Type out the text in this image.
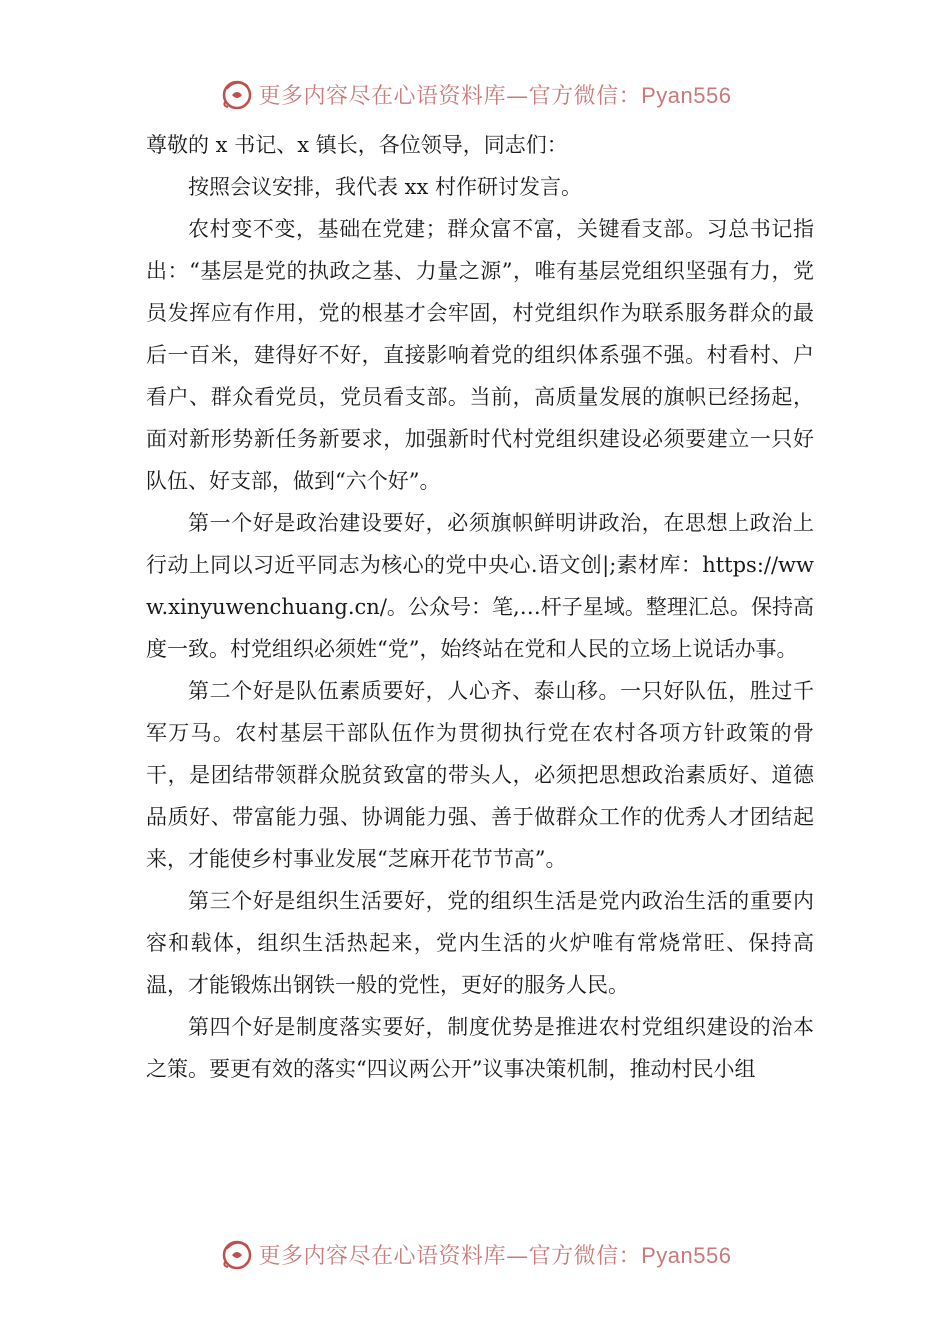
更多内容尽在心语资料库—官方微信：Pyan556

尊敬的 x 书记、x 镇长，各位领导，同志们：

按照会议安排，我代表 xx 村作研讨发言。

农村变不变，基础在党建；群众富不富，关键看支部。习总书记指出：“基层是党的执政之基、力量之源”，唯有基层党组织坚强有力，党员发挥应有作用，党的根基才会牢固，村党组织作为联系服务群众的最后一百米，建得好不好，直接影响着党的组织体系强不强。村看村、户看户、群众看党员，党员看支部。当前，高质量发展的旗帜已经扬起，面对新形势新任务新要求，加强新时代村党组织建设必须要建立一只好队伍、好支部，做到“六个好”。

第一个好是政治建设要好，必须旗帜鲜明讲政治，在思想上政治上行动上同以习近平同志为核心的党中央心.语文创|;素材库：https://www.xinyuwenchuang.cn/。公众号：笔,…杆子星域。整理汇总。保持高度一致。村党组织必须姓“党”，始终站在党和人民的立场上说话办事。

第二个好是队伍素质要好，人心齐、泰山移。一只好队伍，胜过千军万马。农村基层干部队伍作为贯彻执行党在农村各项方针政策的骨干，是团结带领群众脱贫致富的带头人，必须把思想政治素质好、道德品质好、带富能力强、协调能力强、善于做群众工作的优秀人才团结起来，才能使乡村事业发展“芝麻开花节节高”。

第三个好是组织生活要好，党的组织生活是党内政治生活的重要内容和载体，组织生活热起来，党内生活的火炉唯有常烧常旺、保持高温，才能锻炼出钢铁一般的党性，更好的服务人民。

第四个好是制度落实要好，制度优势是推进农村党组织建设的治本之策。要更有效的落实“四议两公开”议事决策机制，推动村民小组

更多内容尽在心语资料库—官方微信：Pyan556
